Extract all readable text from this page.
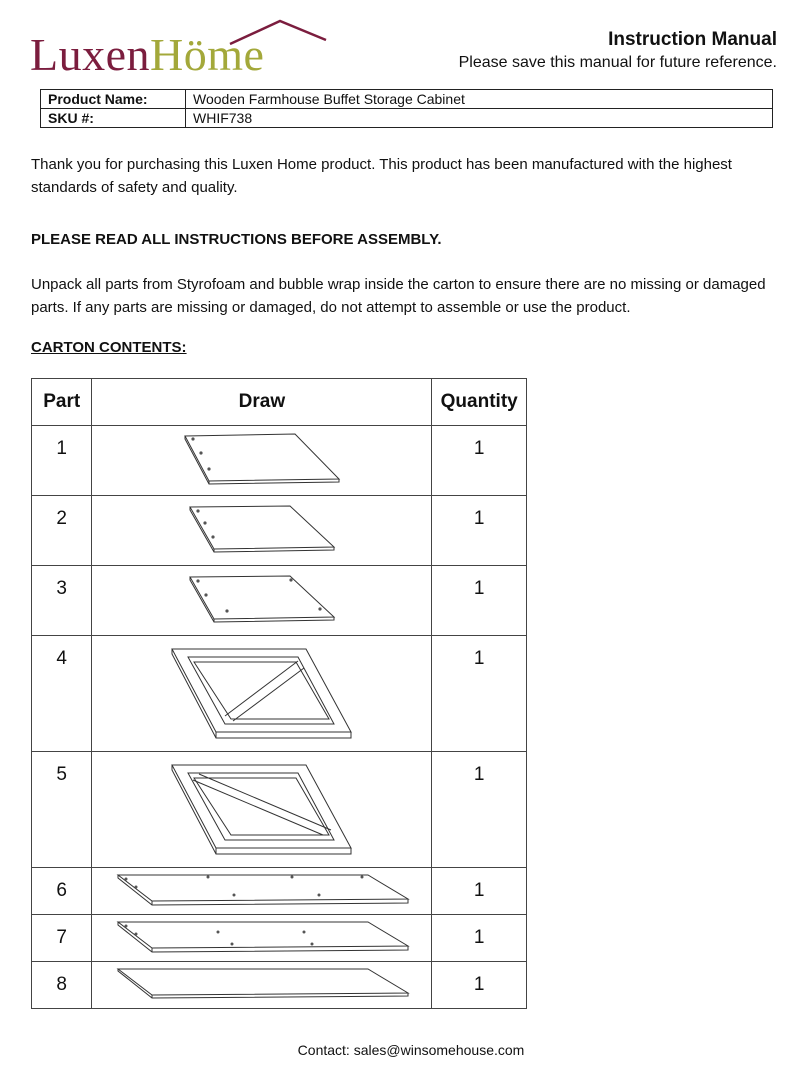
LuxenHöme	Instruction Manual
Please save this manual for future reference.
Product Name:	Wooden Farmhouse Buffet Storage Cabinet
SKU #:	WHIF738

Thank you for purchasing this Luxen Home product. This product has been manufactured with the highest standards of safety and quality.

PLEASE READ ALL INSTRUCTIONS BEFORE ASSEMBLY.

Unpack all parts from Styrofoam and bubble wrap inside the carton to ensure there are no missing or damaged parts. If any parts are missing or damaged, do not attempt to assemble or use the product.

CARTON CONTENTS:

Part	Draw	Quantity
1		1
2		1
3		1
4		1
5		1
6		1
7		1
8		1
Contact: sales@winsomehouse.com
